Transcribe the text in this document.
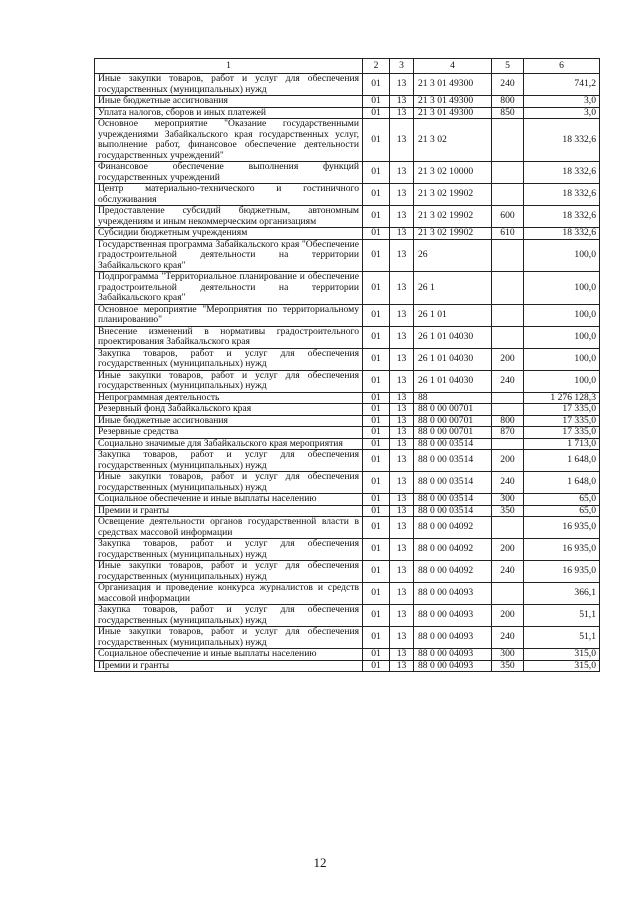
1	2	3	4	5	6
Иные закупки товаров, работ и услуг для обеспечения государственных (муниципальных) нужд	01	13	21 3 01 49300	240	741,2
Иные бюджетные ассигнования	01	13	21 3 01 49300	800	3,0
Уплата налогов, сборов и иных платежей	01	13	21 3 01 49300	850	3,0
Основное мероприятие "Оказание государственными учреждениями Забайкальского края государственных услуг, выполнение работ, финансовое обеспечение деятельности государственных учреждений"	01	13	21 3 02		18 332,6
Финансовое обеспечение выполнения функций государственных учреждений	01	13	21 3 02 10000		18 332,6
Центр материально-технического и гостиничного обслуживания	01	13	21 3 02 19902		18 332,6
Предоставление субсидий бюджетным, автономным учреждениям и иным некоммерческим организациям	01	13	21 3 02 19902	600	18 332,6
Субсидии бюджетным учреждениям	01	13	21 3 02 19902	610	18 332,6
Государственная программа Забайкальского края "Обеспечение градостроительной деятельности на территории Забайкальского края"	01	13	26		100,0
Подпрограмма "Территориальное планирование и обеспечение градостроительной деятельности на территории Забайкальского края"	01	13	26 1		100,0
Основное мероприятие "Мероприятия по территориальному планированию"	01	13	26 1 01		100,0
Внесение изменений в нормативы градостроительного проектирования Забайкальского края	01	13	26 1 01 04030		100,0
Закупка товаров, работ и услуг для обеспечения государственных (муниципальных) нужд	01	13	26 1 01 04030	200	100,0
Иные закупки товаров, работ и услуг для обеспечения государственных (муниципальных) нужд	01	13	26 1 01 04030	240	100,0
Непрограммная деятельность	01	13	88		1 276 128,3
Резервный фонд Забайкальского края	01	13	88 0 00 00701		17 335,0
Иные бюджетные ассигнования	01	13	88 0 00 00701	800	17 335,0
Резервные средства	01	13	88 0 00 00701	870	17 335,0
Социально значимые для Забайкальского края мероприятия	01	13	88 0 00 03514		1 713,0
Закупка товаров, работ и услуг для обеспечения государственных (муниципальных) нужд	01	13	88 0 00 03514	200	1 648,0
Иные закупки товаров, работ и услуг для обеспечения государственных (муниципальных) нужд	01	13	88 0 00 03514	240	1 648,0
Социальное обеспечение и иные выплаты населению	01	13	88 0 00 03514	300	65,0
Премии и гранты	01	13	88 0 00 03514	350	65,0
Освещение деятельности органов государственной власти в средствах массовой информации	01	13	88 0 00 04092		16 935,0
Закупка товаров, работ и услуг для обеспечения государственных (муниципальных) нужд	01	13	88 0 00 04092	200	16 935,0
Иные закупки товаров, работ и услуг для обеспечения государственных (муниципальных) нужд	01	13	88 0 00 04092	240	16 935,0
Организация и проведение конкурса журналистов и средств массовой информации	01	13	88 0 00 04093		366,1
Закупка товаров, работ и услуг для обеспечения государственных (муниципальных) нужд	01	13	88 0 00 04093	200	51,1
Иные закупки товаров, работ и услуг для обеспечения государственных (муниципальных) нужд	01	13	88 0 00 04093	240	51,1
Социальное обеспечение и иные выплаты населению	01	13	88 0 00 04093	300	315,0
Премии и гранты	01	13	88 0 00 04093	350	315,0
12
